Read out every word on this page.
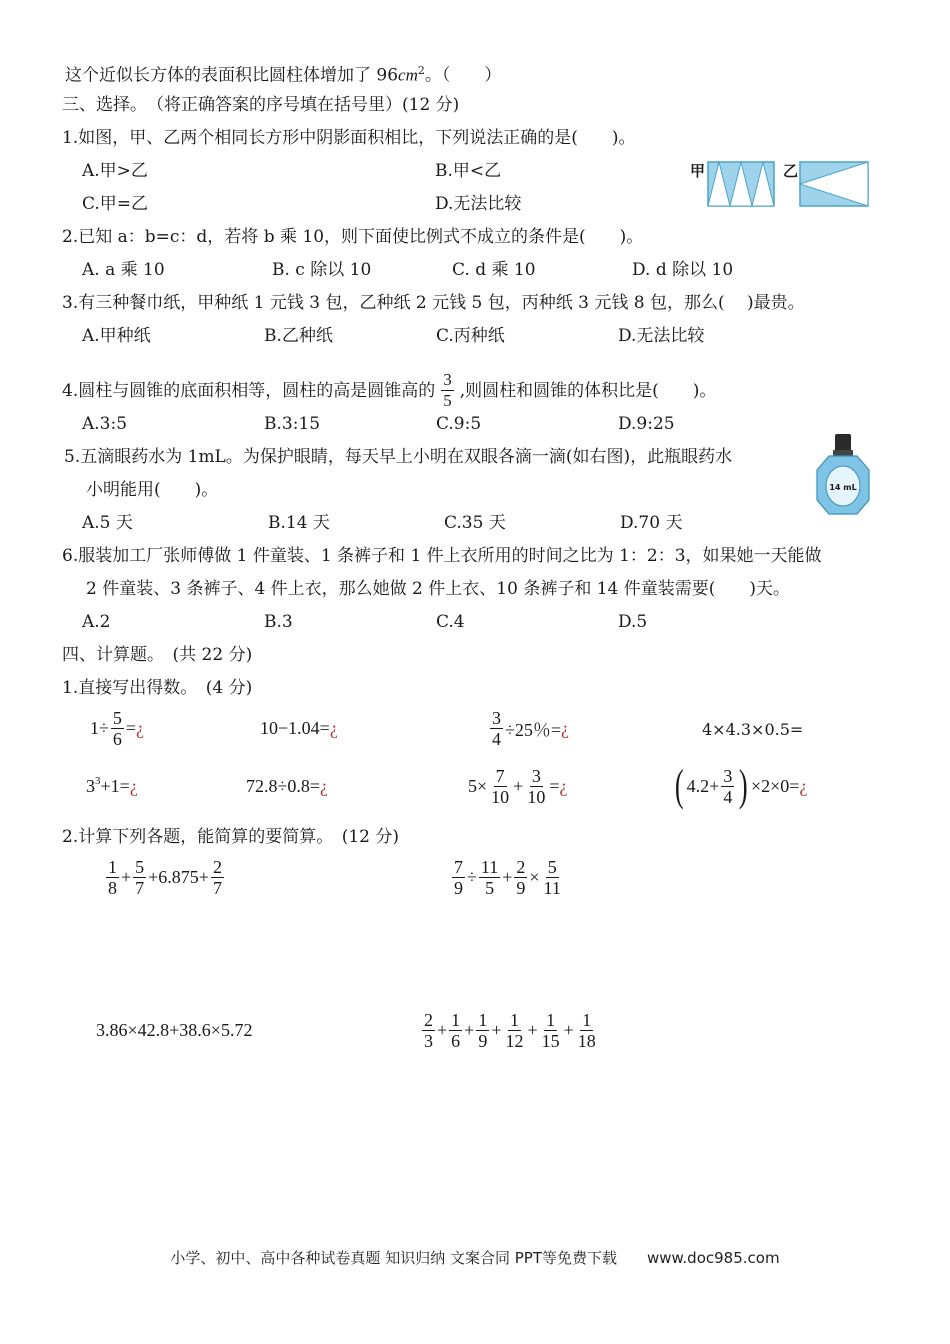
这个近似长方体的表面积比圆柱体增加了 $96cm^2$。（　　）
三、选择。　（将正确答案的序号填在括号里）(12 分)
1.如图，甲、乙两个相同长方形中阴影面积相比，下列说法正确的是(　　)。
A.甲>乙	B.甲<乙
C.甲=乙	D.无法比较
甲	乙
2.已知 a：b=c：d，若将 b 乘 10，则下面使比例式不成立的条件是(　　)。
A. a 乘 10	B. c 除以 10	C. d 乘 10	D. d 除以 10
3.有三种餐巾纸，甲种纸 1 元钱 3 包，乙种纸 2 元钱 5 包，丙种纸 3 元钱 8 包，那么(　 )最贵。
A.甲种纸	B.乙种纸	C.丙种纸	D.无法比较
4.圆柱与圆锥的底面积相等，圆柱的高是圆锥高的 $\frac{3}{5}$ ,则圆柱和圆锥的体积比是(　　)。
A.3:5	B.3:15	C.9:5	D.9:25
5.五滴眼药水为 1mL。为保护眼睛，每天早上小明在双眼各滴一滴(如右图)，此瓶眼药水
小明能用(　　)。	14 mL
A.5 天	B.14 天	C.35 天	D.70 天
6.服装加工厂张师傅做 1 件童装、1 条裤子和 1 件上衣所用的时间之比为 1：2：3，如果她一天能做
2 件童装、3 条裤子、4 件上衣，那么她做 2 件上衣、10 条裤子和 14 件童装需要(　　)天。
A.2	B.3	C.4	D.5
四、计算题。　(共 22 分)
1.直接写出得数。　(4 分)
$1\div \frac{5}{6}$ = ¿	10−1.04= ¿	$\frac{3}{4} \div 25$％= ¿	4×4.3×0.5=
$3^3 +1=$ ¿	72.8÷0.8= ¿	$5\times \frac{7}{10} + \frac{3}{10}$ = ¿ ( $4.2+ \frac{3}{4}$ ) ×2×0= ¿
2.计算下列各题，能简算的要简算。　(12 分)
$\frac{1}{8} + \frac{5}{7} +6.875+ \frac{2}{7}$	$\frac{7}{9} \div \frac{11}{5} + \frac{2}{9} \times \frac{5}{11}$
3.86×42.8+38.6×5.72	$\frac{2}{3} + \frac{1}{6} + \frac{1}{9} + \frac{1}{12} + \frac{1}{15} + \frac{1}{18}$
小学、初中、高中各种试卷真题 知识归纳 文案合同 PPT等免费下载　　www.doc985.com
